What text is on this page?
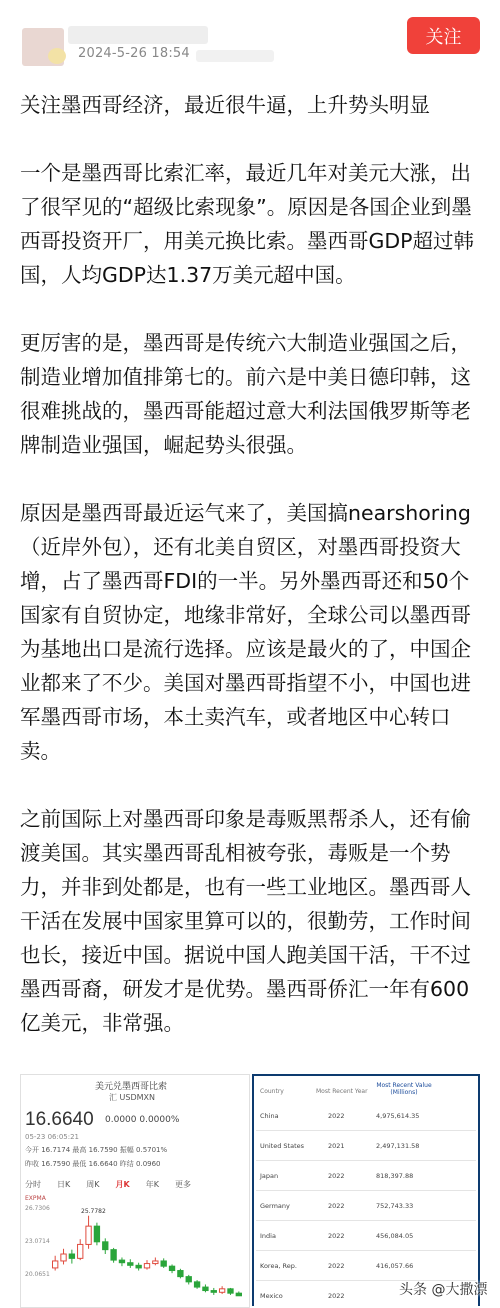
2024-5-26 18:54
关注

关注墨西哥经济，最近很牛逼，上升势头明显

一个是墨西哥比索汇率，最近几年对美元大涨，出了很罕见的“超级比索现象”。原因是各国企业到墨西哥投资开厂，用美元换比索。墨西哥GDP超过韩国，人均GDP达1.37万美元超中国。

更厉害的是，墨西哥是传统六大制造业强国之后，制造业增加值排第七的。前六是中美日德印韩，这很难挑战的，墨西哥能超过意大利法国俄罗斯等老牌制造业强国，崛起势头很强。

原因是墨西哥最近运气来了，美国搞nearshoring（近岸外包），还有北美自贸区，对墨西哥投资大增，占了墨西哥FDI的一半。另外墨西哥还和50个国家有自贸协定，地缘非常好，全球公司以墨西哥为基地出口是流行选择。应该是最火的了，中国企业都来了不少。美国对墨西哥指望不小，中国也进军墨西哥市场，本土卖汽车，或者地区中心转口卖。

之前国际上对墨西哥印象是毒贩黑帮杀人，还有偷渡美国。其实墨西哥乱相被夸张，毒贩是一个势力，并非到处都是，也有一些工业地区。墨西哥人干活在发展中国家里算可以的，很勤劳，工作时间也长，接近中国。据说中国人跑美国干活，干不过墨西哥裔，研发才是优势。墨西哥侨汇一年有600亿美元，非常强。

美元兑墨西哥比索
汇 USDMXN
16.6640 0.0000 0.0000%
05-23 06:05:21
今开 16.7174 最高 16.7590 振幅 0.5701%
昨收 16.7590 最低 16.6640 昨结 0.0960
分时 日K 周K 月K 年K 更多
EXPMA
26.7306
23.0714
20.0651
25.7782
Country	Most Recent Year
Most Recent Value (Millions)
China	2022	4,975,614.35
United States	2021	2,497,131.58
Japan	2022	818,397.88
Germany	2022	752,743.33
India	2022	456,084.05
Korea, Rep.	2022	416,057.66
Mexico	2022	头条 @大撒漂
